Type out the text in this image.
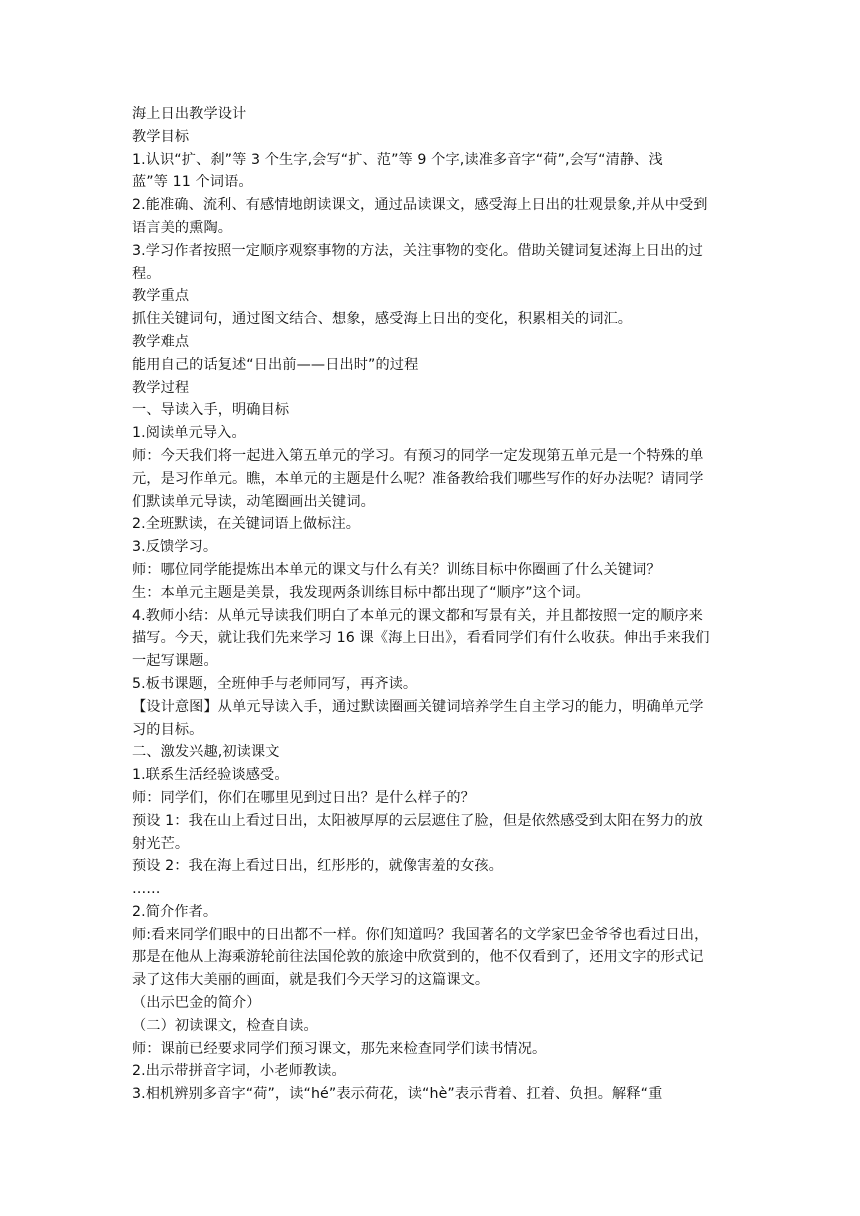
海上日出教学设计
教学目标
1.认识“扩、刹”等 3 个生字,会写“扩、范”等 9 个字,读准多音字“荷”,会写“清静、浅
蓝”等 11 个词语。
2.能准确、流利、有感情地朗读课文，通过品读课文，感受海上日出的壮观景象,并从中受到
语言美的熏陶。
3.学习作者按照一定顺序观察事物的方法，关注事物的变化。借助关键词复述海上日出的过
程。
教学重点
抓住关键词句，通过图文结合、想象，感受海上日出的变化，积累相关的词汇。
教学难点
能用自己的话复述“日出前——日出时”的过程
教学过程
一、导读入手，明确目标
1.阅读单元导入。
师：今天我们将一起进入第五单元的学习。有预习的同学一定发现第五单元是一个特殊的单
元，是习作单元。瞧，本单元的主题是什么呢？准备教给我们哪些写作的好办法呢？请同学
们默读单元导读，动笔圈画出关键词。
2.全班默读，在关键词语上做标注。
3.反馈学习。
师：哪位同学能提炼出本单元的课文与什么有关？训练目标中你圈画了什么关键词？
生：本单元主题是美景，我发现两条训练目标中都出现了“顺序”这个词。
4.教师小结：从单元导读我们明白了本单元的课文都和写景有关，并且都按照一定的顺序来
描写。今天，就让我们先来学习 16 课《海上日出》，看看同学们有什么收获。伸出手来我们
一起写课题。
5.板书课题，全班伸手与老师同写，再齐读。
【设计意图】从单元导读入手，通过默读圈画关键词培养学生自主学习的能力，明确单元学
习的目标。
二、激发兴趣,初读课文
1.联系生活经验谈感受。
师：同学们，你们在哪里见到过日出？是什么样子的？
预设 1：我在山上看过日出，太阳被厚厚的云层遮住了脸，但是依然感受到太阳在努力的放
射光芒。
预设 2：我在海上看过日出，红彤彤的，就像害羞的女孩。
……
2.简介作者。
师:看来同学们眼中的日出都不一样。你们知道吗？我国著名的文学家巴金爷爷也看过日出，
那是在他从上海乘游轮前往法国伦敦的旅途中欣赏到的，他不仅看到了，还用文字的形式记
录了这伟大美丽的画面，就是我们今天学习的这篇课文。
（出示巴金的简介）
（二）初读课文，检查自读。
师：课前已经要求同学们预习课文，那先来检查同学们读书情况。
2.出示带拼音字词，小老师教读。
3.相机辨别多音字“荷”，读“hé”表示荷花，读“hè”表示背着、扛着、负担。解释“重
